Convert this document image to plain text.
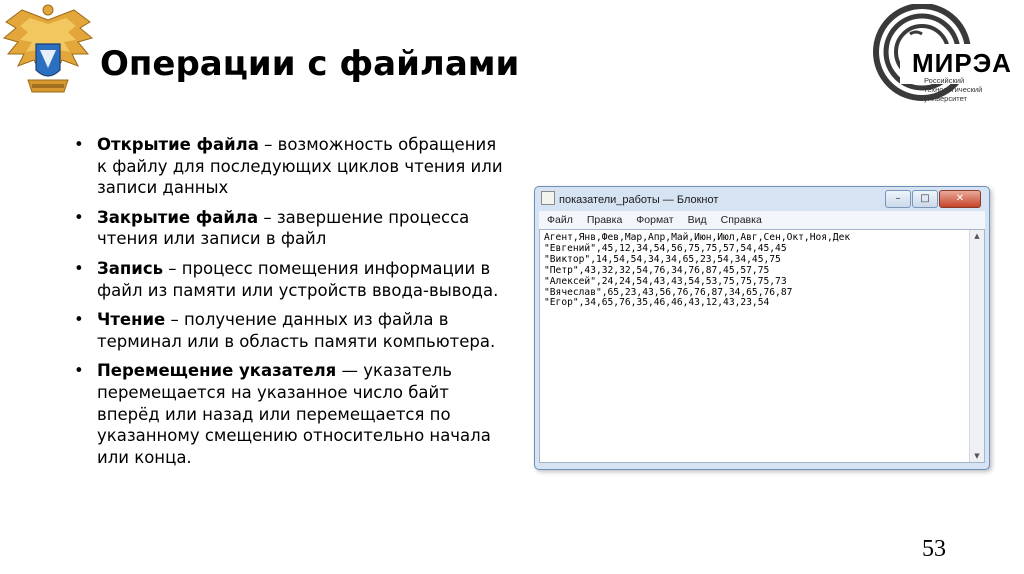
Операции с файлами	МИРЭА
Российский технологический университет
• Открытие файла – возможность обращения к файлу для последующих циклов чтения или записи данных
• Закрытие файла – завершение процесса чтения или записи в файл
• Запись – процесс помещения информации в файл из памяти или устройств ввода-вывода.
• Чтение – получение данных из файла в терминал или в область памяти компьютера.
• Перемещение указателя — указатель перемещается на указанное число байт вперёд или назад или перемещается по указанному смещению относительно начала или конца.
показатели_работы — Блокнот	–	□	✕
Файл Правка Формат Вид Справка
Агент,Янв,Фев,Мар,Апр,Май,Июн,Июл,Авг,Сен,Окт,Ноя,Дек
"Евгений",45,12,34,54,56,75,75,57,54,45,45
"Виктор",14,54,54,34,34,65,23,54,34,45,75
"Петр",43,32,32,54,76,34,76,87,45,57,75
"Алексей",24,24,54,43,43,54,53,75,75,75,73
"Вячеслав",65,23,43,56,76,76,87,34,65,76,87
"Егор",34,65,76,35,46,46,43,12,43,23,54
▲
▼
53
